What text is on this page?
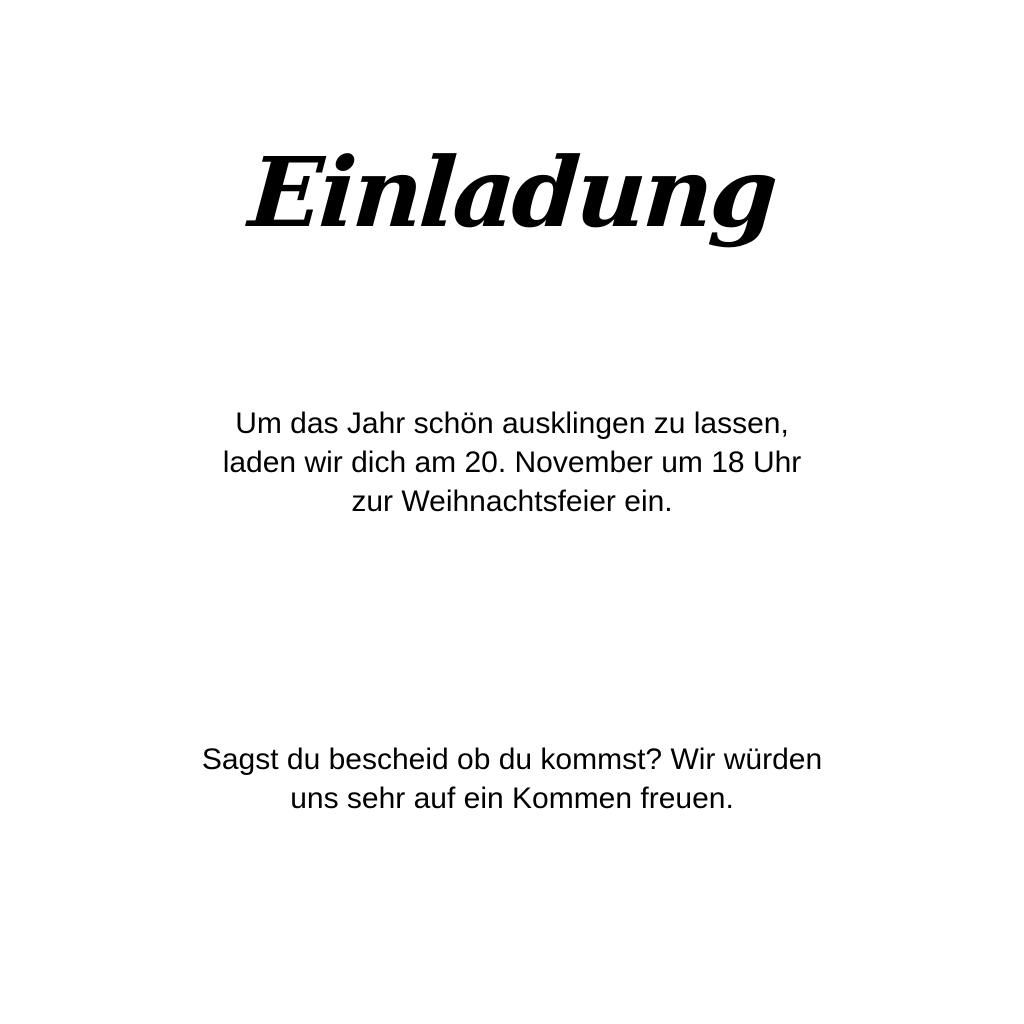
Einladung

Um das Jahr schön ausklingen zu lassen,
laden wir dich am 20. November um 18 Uhr
zur Weihnachtsfeier ein.

Sagst du bescheid ob du kommst? Wir würden
uns sehr auf ein Kommen freuen.
